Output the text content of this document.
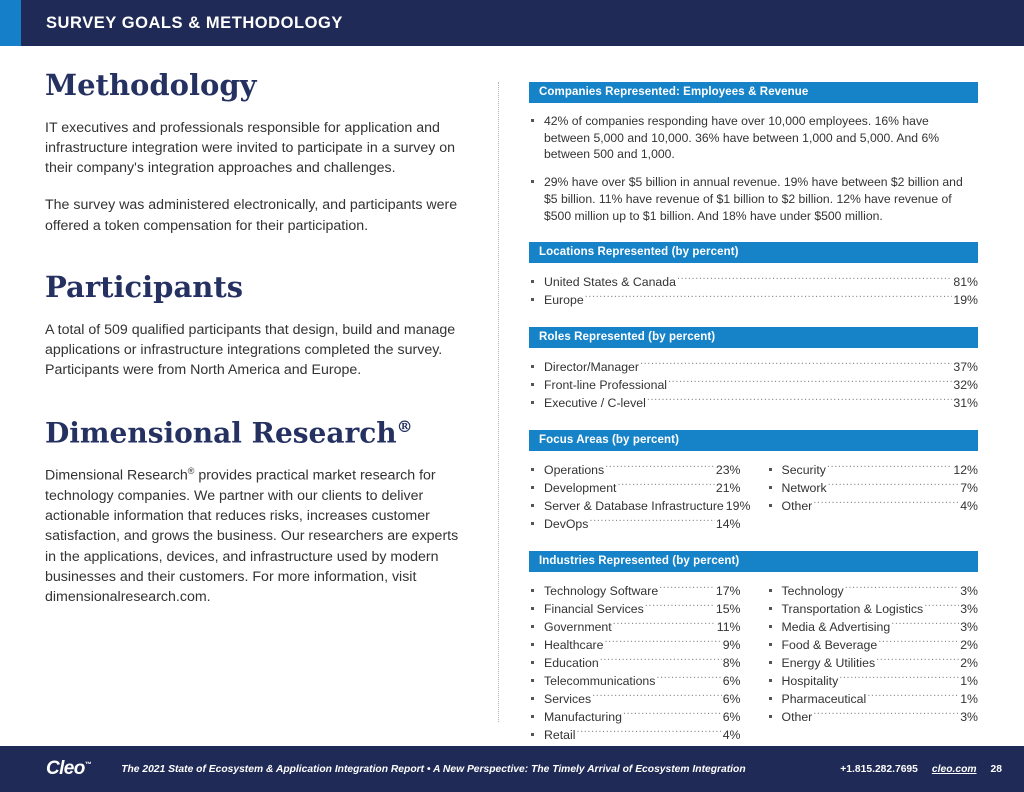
SURVEY GOALS & METHODOLOGY
Methodology

IT executives and professionals responsible for application and infrastructure integration were invited to participate in a survey on their company's integration approaches and challenges.

The survey was administered electronically, and participants were offered a token compensation for their participation.

Participants

A total of 509 qualified participants that design, build and manage applications or infrastructure integrations completed the survey. Participants were from North America and Europe.

Dimensional Research®

Dimensional Research® provides practical market research for technology companies. We partner with our clients to deliver actionable information that reduces risks, increases customer satisfaction, and grows the business. Our researchers are experts in the applications, devices, and infrastructure used by modern businesses and their customers. For more information, visit dimensionalresearch.com.

Companies Represented: Employees & Revenue
42% of companies responding have over 10,000 employees. 16% have between 5,000 and 10,000. 36% have between 1,000 and 5,000. And 6% between 500 and 1,000.
29% have over $5 billion in annual revenue. 19% have between $2 billion and $5 billion. 11% have revenue of $1 billion to $2 billion. 12% have revenue of $500 million up to $1 billion. And 18% have under $500 million.
Locations Represented (by percent)
United States & Canada .....	81%
Europe .....	19%
Roles Represented (by percent)
Director/Manager .....	37%
Front-line Professional .....	32%
Executive / C-level .....	31%
Focus Areas (by percent)
Operations .....	23%
Development .....	21%
Server & Database Infrastructure 19%
DevOps .....	14%
Security .....	12%
Network .....	7%
Other .....	4%
Industries Represented (by percent)
Technology Software .....	17%
Financial Services .....	15%
Government .....	11%
Healthcare .....	9%
Education .....	8%
Telecommunications .....	6%
Services .....	6%
Manufacturing .....	6%
Retail .....	4%
Technology .....	3%
Transportation & Logistics .....	3%
Media & Advertising .....	3%
Food & Beverage .....	2%
Energy & Utilities .....	2%
Hospitality .....	1%
Pharmaceutical .....	1%
Other .....	3%
Cleo™	The 2021 State of Ecosystem & Application Integration Report • A New Perspective: The Timely Arrival of Ecosystem Integration	+1.815.282.7695 cleo.com 28
